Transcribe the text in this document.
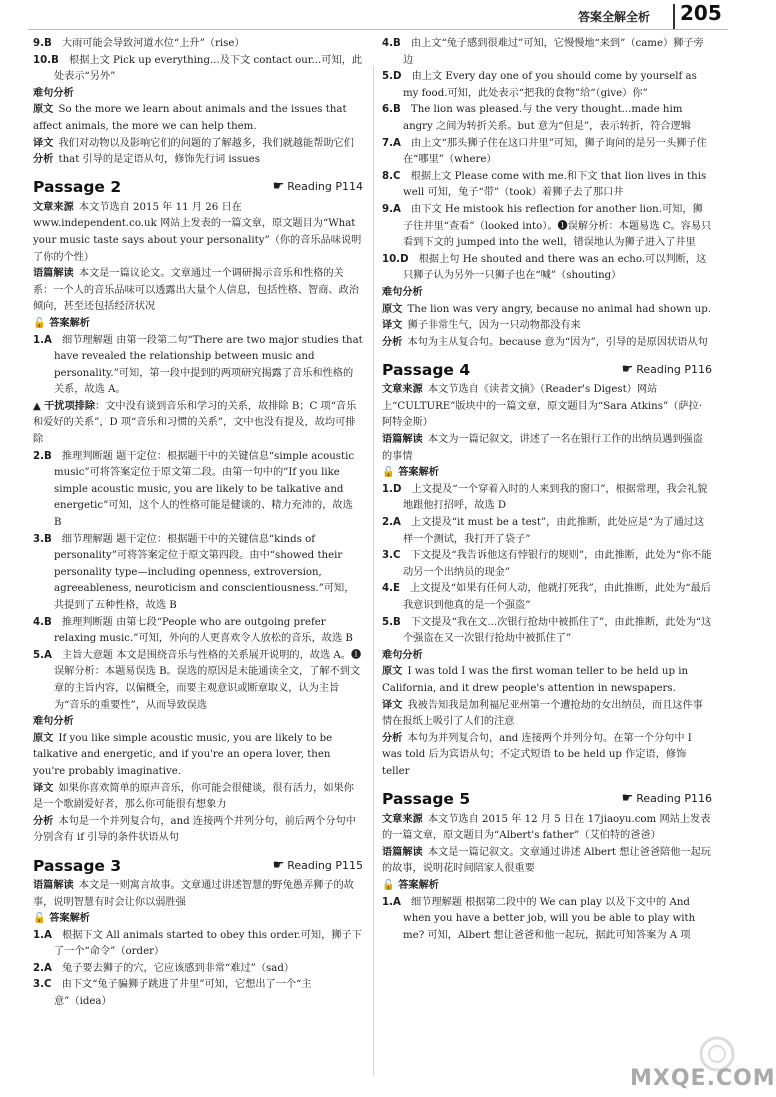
答案全解全析 205

9.B  大雨可能会导致河道水位“上升”（rise）

10.B  根据上文 Pick up everything...及下文 contact our...可知，此处表示“另外”

难句分析

原文  So the more we learn about animals and the issues that affect animals, the more we can help them.

译文  我们对动物以及影响它们的问题的了解越多，我们就越能帮助它们

分析  that 引导的是定语从句，修饰先行词 issues

Passage 2	☛ Reading P114

文章来源  本文节选自 2015 年 11 月 26 日在 www.independent.co.uk 网站上发表的一篇文章，原文题目为“What your music taste says about your personality”（你的音乐品味说明了你的个性）

语篇解读  本文是一篇议论文。文章通过一个调研揭示音乐和性格的关系：一个人的音乐品味可以透露出大量个人信息，包括性格、智商、政治倾向，甚至还包括经济状况

🔓 答案解析

1.A  细节理解题 由第一段第二句“There are two major studies that have revealed the relationship between music and personality.”可知，第一段中提到的两项研究揭露了音乐和性格的关系，故选 A。

▲ 干扰项排除：文中没有谈到音乐和学习的关系，故排除 B；C 项“音乐和爱好的关系”，D 项“音乐和习惯的关系”，文中也没有提及，故均可排除

2.B  推理判断题 题干定位：根据题干中的关键信息“simple acoustic music”可将答案定位于原文第二段。由第一句中的“If you like simple acoustic music, you are likely to be talkative and energetic”可知，这个人的性格可能是健谈的、精力充沛的，故选 B

3.B  细节理解题 题干定位：根据题干中的关键信息“kinds of personality”可将答案定位于原文第四段。由中“showed their personality type—including openness, extroversion, agreeableness, neuroticism and conscientiousness.”可知，共提到了五种性格，故选 B

4.B  推理判断题 由第七段“People who are outgoing prefer relaxing music.”可知，外向的人更喜欢令人放松的音乐，故选 B

5.A  主旨大意题 本文是围绕音乐与性格的关系展开说明的，故选 A。❶误解分析：本题易误选 B。误选的原因是未能通读全文，了解不到文章的主旨内容，以偏概全，而要主观意识或断章取义，认为主旨为“音乐的重要性”，从而导致误选

难句分析

原文  If you like simple acoustic music, you are likely to be talkative and energetic, and if you're an opera lover, then you're probably imaginative.

译文  如果你喜欢简单的原声音乐，你可能会很健谈，很有活力，如果你是一个歌剧爱好者，那么你可能很有想象力

分析  本句是一个并列复合句，and 连接两个并列分句，前后两个分句中分别含有 if 引导的条件状语从句

Passage 3	☛ Reading P115

语篇解读  本文是一则寓言故事。文章通过讲述智慧的野兔愚弄狮子的故事，说明智慧有时会让你以弱胜强

🔓 答案解析

1.A  根据下文 All animals started to obey this order.可知，狮子下了一个“命令”（order）

2.A  兔子要去狮子的穴，它应该感到非常“难过”（sad）

3.C  由下文“兔子骗狮子跳进了井里”可知，它想出了一个“主意”（idea）

4.B  由上文“兔子感到很难过”可知，它慢慢地“来到”（came）狮子旁边

5.D  由上文 Every day one of you should come by yourself as my food.可知，此处表示“把我的食物”给“（give）你”

6.B  The lion was pleased.与 the very thought...made him angry 之间为转折关系。but 意为“但是”，表示转折，符合逻辑

7.A  由上文“那头狮子住在这口井里”可知，狮子询问的是另一头狮子住在“哪里”（where）

8.C  根据上文 Please come with me.和下文 that lion lives in this well 可知，兔子“带”（took）着狮子去了那口井

9.A  由下文 He mistook his reflection for another lion.可知，狮子往井里“查看”（looked into）。❶误解分析：本题易选 C。容易只看到下文的 jumped into the well，错误地认为狮子进入了井里

10.D  根据上句 He shouted and there was an echo.可以判断，这只狮子认为另外一只狮子也在“喊”（shouting）

难句分析

原文  The lion was very angry, because no animal had shown up.

译文  狮子非常生气，因为一只动物都没有来

分析  本句为主从复合句。because 意为“因为”，引导的是原因状语从句

Passage 4	☛ Reading P116

文章来源  本文节选自《读者文摘》（Reader's Digest）网站上“CULTURE”版块中的一篇文章，原文题目为“Sara Atkins”（萨拉·阿特金斯）

语篇解读  本文为一篇记叙文，讲述了一名在银行工作的出纳员遇到强盗的事情

🔓 答案解析

1.D  上文提及“一个穿着入时的人来到我的窗口”，根据常理，我会礼貌地跟他打招呼，故选 D

2.A  上文提及“it must be a test”，由此推断，此处应是“为了通过这样一个测试，我打开了袋子”

3.C  下文提及“我告诉他这有悖银行的规则”，由此推断，此处为“你不能动另一个出纳员的现金”

4.E  上文提及“如果有任何人动，他就打死我”，由此推断，此处为“最后我意识到他真的是一个强盗”

5.B  下文提及“我在文...次银行抢劫中被抓住了”，由此推断，此处为“这个强盗在又一次银行抢劫中被抓住了”

难句分析

原文  I was told I was the first woman teller to be held up in California, and it drew people's attention in newspapers.

译文  我被告知我是加利福尼亚州第一个遭抢劫的女出纳员，而且这件事情在报纸上吸引了人们的注意

分析  本句为并列复合句，and 连接两个并列分句。在第一个分句中 I was told 后为宾语从句；不定式短语 to be held up 作定语，修饰 teller

Passage 5	☛ Reading P116

文章来源  本文节选自 2015 年 12 月 5 日在 17jiaoyu.com 网站上发表的一篇文章，原文题目为“Albert's father”（艾伯特的爸爸）

语篇解读  本文是一篇记叙文。文章通过讲述 Albert 想让爸爸陪他一起玩的故事，说明花时间陪家人很重要

🔓 答案解析

1.A  细节理解题 根据第二段中的 We can play 以及下文中的 And when you have a better job, will you be able to play with me? 可知，Albert 想让爸爸和他一起玩，据此可知答案为 A 项

MXQE.COM
